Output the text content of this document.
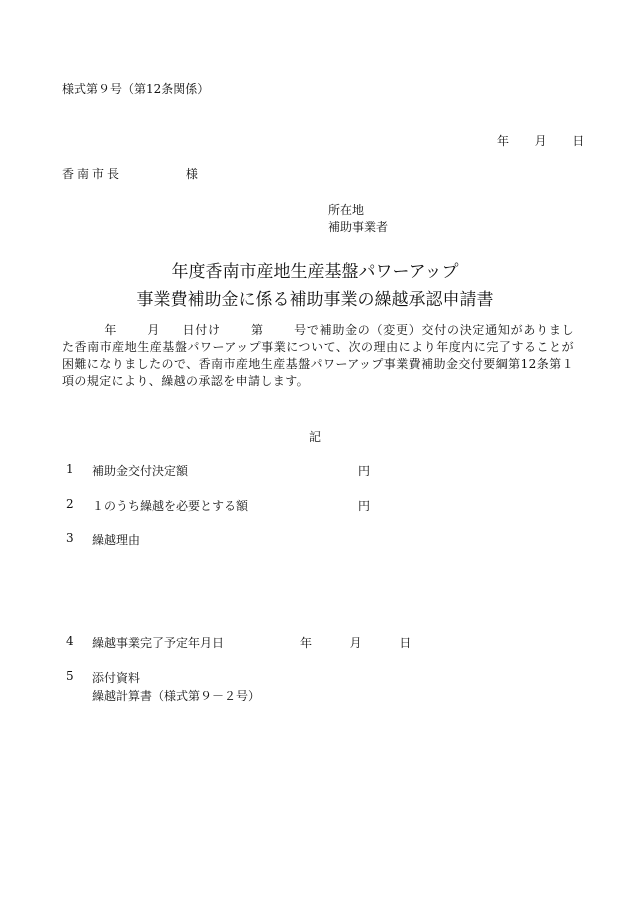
様式第９号（第12条関係）
年 月 日
香南市長	様
所在地
補助事業者
年度香南市産地生産基盤パワーアップ
事業費補助金に係る補助事業の繰越承認申請書
年	月 日付け	第	号で補助金の（変更）交付の決定通知がありました香南市産地生産基盤パワーアップ事業について、次の理由により年度内に完了することが困難になりましたので、香南市産地生産基盤パワーアップ事業費補助金交付要綱第12条第１項の規定により、繰越の承認を申請します。
記
1 補助金交付決定額	円
2 １のうち繰越を必要とする額	円
3 繰越理由
4 繰越事業完了予定年月日	年	月	日
5 添付資料
繰越計算書（様式第９－２号）
